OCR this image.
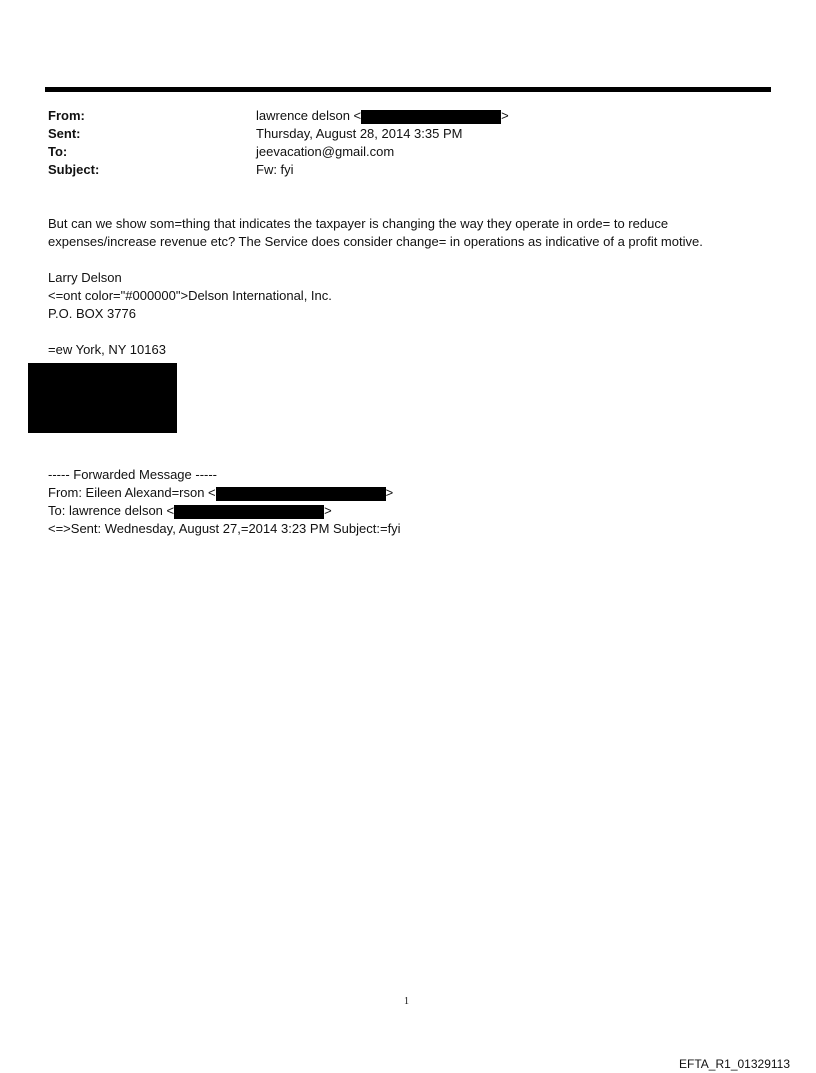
From:	lawrence delson <	>
Sent:	Thursday, August 28, 2014 3:35 PM
To:	jeevacation@gmail.com
Subject:	Fw: fyi
But can we show som=thing that indicates the taxpayer is changing the way they operate in orde= to reduce
expenses/increase revenue etc? The Service does consider change= in operations as indicative of a profit motive.
Larry Delson
<=ont color="#000000">Delson International, Inc.
P.O. BOX 3776
=ew York, NY 10163
----- Forwarded Message -----
From: Eileen Alexand=rson <	>
To: lawrence delson <	>
<=>Sent: Wednesday, August 27,=2014 3:23 PM Subject:=fyi
1
EFTA_R1_01329113
